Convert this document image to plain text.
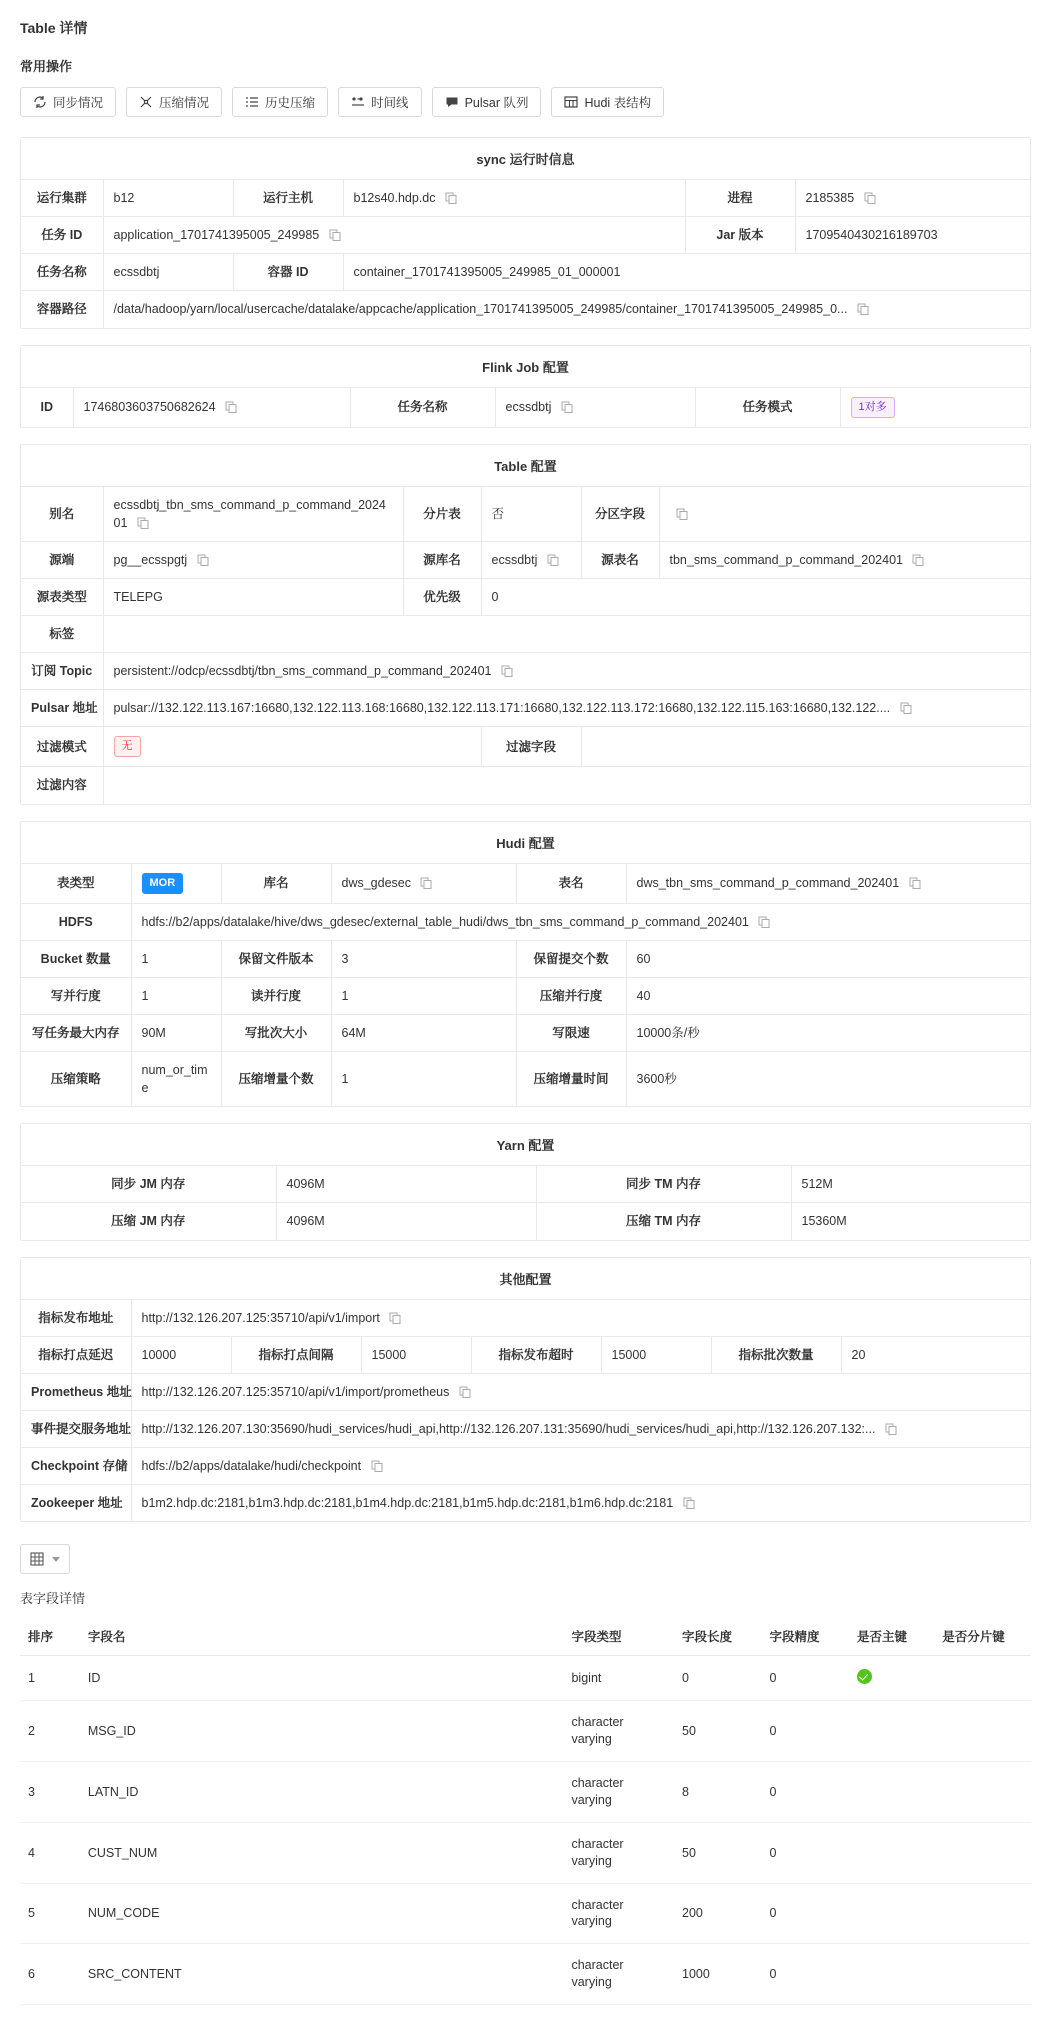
Table 详情
常用操作
同步情况	压缩情况	历史压缩	时间线	Pulsar 队列	Hudi 表结构
sync 运行时信息
运行集群	b12	运行主机	b12s40.hdp.dc	进程	2185385

任务 ID	application_1701741395005_249985			Jar 版本	1709540430216189703
任务名称	ecssdbtj	容器 ID	container_1701741395005_249985_01_000001		
容器路径	/data/hadoop/yarn/local/usercache/datalake/appcache/application_1701741395005_249985/container_1701741395005_249985_0...				
Flink Job 配置
ID	1746803603750682624	任务名称	ecssdbtj	任务模式	1对多
Table 配置
别名	ecssdbtj_tbn_sms_command_p_command_202401	分片表	否	分区字段	

源端	pg__ecsspgtj	源库名	ecssdbtj	源表名	tbn_sms_command_p_command_202401

源表类型	TELEPG	优先级	0		
标签					
订阅 Topic	persistent://odcp/ecssdbtj/tbn_sms_command_p_command_202401				

Pulsar 地址	pulsar://132.122.113.167:16680,132.122.113.168:16680,132.122.113.171:16680,132.122.113.172:16680,132.122.115.163:16680,132.122....				

过滤模式	无		过滤字段		
过滤内容					
Hudi 配置
表类型	MOR	库名	dws_gdesec	表名	dws_tbn_sms_command_p_command_202401

HDFS	hdfs://b2/apps/datalake/hive/dws_gdesec/external_table_hudi/dws_tbn_sms_command_p_command_202401				

Bucket 数量	1	保留文件版本	3	保留提交个数	60
写并行度	1	读并行度	1	压缩并行度	40
写任务最大内存	90M	写批次大小	64M	写限速	10000条/秒
压缩策略	num_or_time	压缩增量个数	1	压缩增量时间	3600秒
Yarn 配置
同步 JM 内存	4096M	同步 TM 内存	512M
压缩 JM 内存	4096M	压缩 TM 内存	15360M
其他配置
指标发布地址	http://132.126.207.125:35710/api/v1/import						

指标打点延迟	10000	指标打点间隔	15000	指标发布超时	15000	指标批次数量	20
Prometheus 地址	http://132.126.207.125:35710/api/v1/import/prometheus						

事件提交服务地址	http://132.126.207.130:35690/hudi_services/hudi_api,http://132.126.207.131:35690/hudi_services/hudi_api,http://132.126.207.132:...						

Checkpoint 存储	hdfs://b2/apps/datalake/hudi/checkpoint						

Zookeeper 地址	b1m2.hdp.dc:2181,b1m3.hdp.dc:2181,b1m4.hdp.dc:2181,b1m5.hdp.dc:2181,b1m6.hdp.dc:2181						
表字段详情
排序	字段名	字段类型	字段长度	字段精度	是否主键	是否分片键
1	ID	bigint	0	0		
2	MSG_ID	character varying	50	0		
3	LATN_ID	character varying	8	0		
4	CUST_NUM	character varying	50	0		
5	NUM_CODE	character varying	200	0		
6	SRC_CONTENT	character varying	1000	0		
